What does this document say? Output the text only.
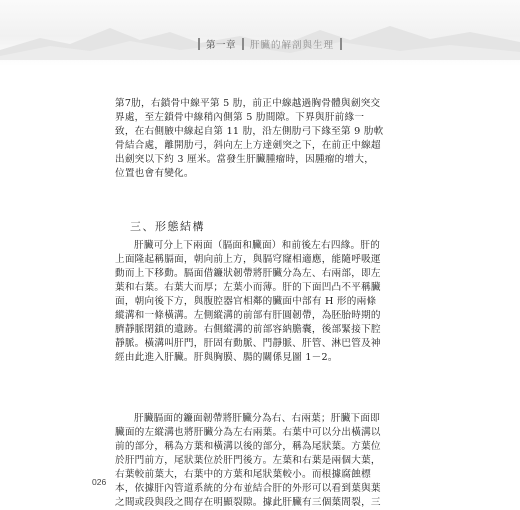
第一章 肝臟的解剖與生理
第7肋，右鎖骨中線平第 5 肋，前正中線越過胸骨體與劍突交
界處，至左鎖骨中線稍內側第 5 肋間隙。下界與肝前緣一
致，在右側腋中線起自第 11 肋，沿左側肋弓下緣至第 9 肋軟
骨結合處，離開肋弓，斜向左上方達劍突之下，在前正中線超
出劍突以下約 3 厘米。當發生肝臟腫瘤時，因腫瘤的增大，
位置也會有變化。
三、形態結構
肝臟可分上下兩面（膈面和臟面）和前後左右四緣。肝的
上面隆起稱膈面，朝向前上方，與膈穹窿相適應，能隨呼吸運
動而上下移動。膈面借鐮狀韌帶將肝臟分為左、右兩部，即左
葉和右葉。右葉大而厚；左葉小而薄。肝的下面凹凸不平稱臟
面，朝向後下方，與腹腔器官相鄰的臟面中部有 H 形的兩條
縱溝和一條橫溝。左側縱溝的前部有肝圓韌帶，為胚胎時期的
臍靜脈閉鎖的遺跡。右側縱溝的前部容納膽囊，後部緊接下腔
靜脈。橫溝叫肝門，肝固有動脈、門靜脈、肝管、淋巴管及神
經由此進入肝臟。肝與胸膜、腸的關係見圖 1－2。
肝臟膈面的鐮面韌帶將肝臟分為右、右兩葉；肝臟下面即
臟面的左縱溝也將肝臟分為左右兩葉。右葉中可以分出橫溝以
前的部分，稱為方葉和橫溝以後的部分，稱為尾狀葉。方葉位
於肝門前方，尾狀葉位於肝門後方。左葉和右葉是兩個大葉，
右葉較前葉大，右葉中的方葉和尾狀葉較小。而根據腐蝕標
本，依據肝內管道系統的分布並結合肝的外形可以看到葉與葉
之間或段與段之間存在明顯裂隙。據此肝臟有三個葉間裂，三
026
